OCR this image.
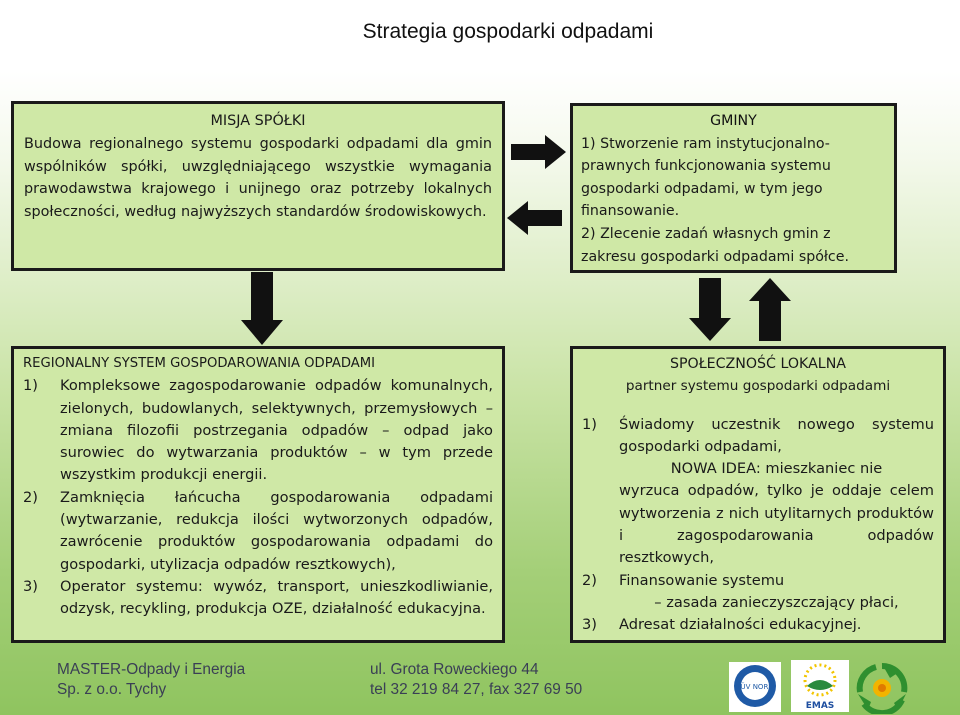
Strategia gospodarki odpadami
MISJA SPÓŁKI
Budowa regionalnego systemu gospodarki odpadami dla gmin wspólników spółki, uwzględniającego wszystkie wymagania prawodawstwa krajowego i unijnego oraz potrzeby lokalnych społeczności, według najwyższych standardów środowiskowych.
GMINY
1) Stworzenie ram instytucjonalno-prawnych funkcjonowania systemu gospodarki odpadami, w tym jego finansowanie.
2) Zlecenie zadań własnych gmin z zakresu gospodarki odpadami spółce.
REGIONALNY SYSTEM GOSPODAROWANIA ODPADAMI
1)	Kompleksowe zagospodarowanie odpadów komunalnych, zielonych, budowlanych, selektywnych, przemysłowych – zmiana filozofii postrzegania odpadów – odpad jako surowiec do wytwarzania produktów – w tym przede wszystkim produkcji energii.
2)	Zamknięcia łańcucha gospodarowania odpadami (wytwarzanie, redukcja ilości wytworzonych odpadów, zawrócenie produktów gospodarowania odpadami do gospodarki, utylizacja odpadów resztkowych),
3)	Operator systemu: wywóz, transport, unieszkodliwianie, odzysk, recykling, produkcja OZE, działalność edukacyjna.
SPOŁECZNOŚĆ LOKALNA
partner systemu gospodarki odpadami
1)	Świadomy uczestnik nowego systemu gospodarki odpadami,
NOWA IDEA: mieszkaniec nie
wyrzuca odpadów, tylko je oddaje celem wytworzenia z nich utylitarnych produktów i zagospodarowania odpadów resztkowych,
2)	Finansowanie systemu
– zasada zanieczyszczający płaci,
3)	Adresat działalności edukacyjnej.
MASTER-Odpady i Energia
Sp. z o.o. Tychy
ul. Grota Roweckiego 44
tel 32 219 84 27, fax 327 69 50	TÜV NORD
EMAS
